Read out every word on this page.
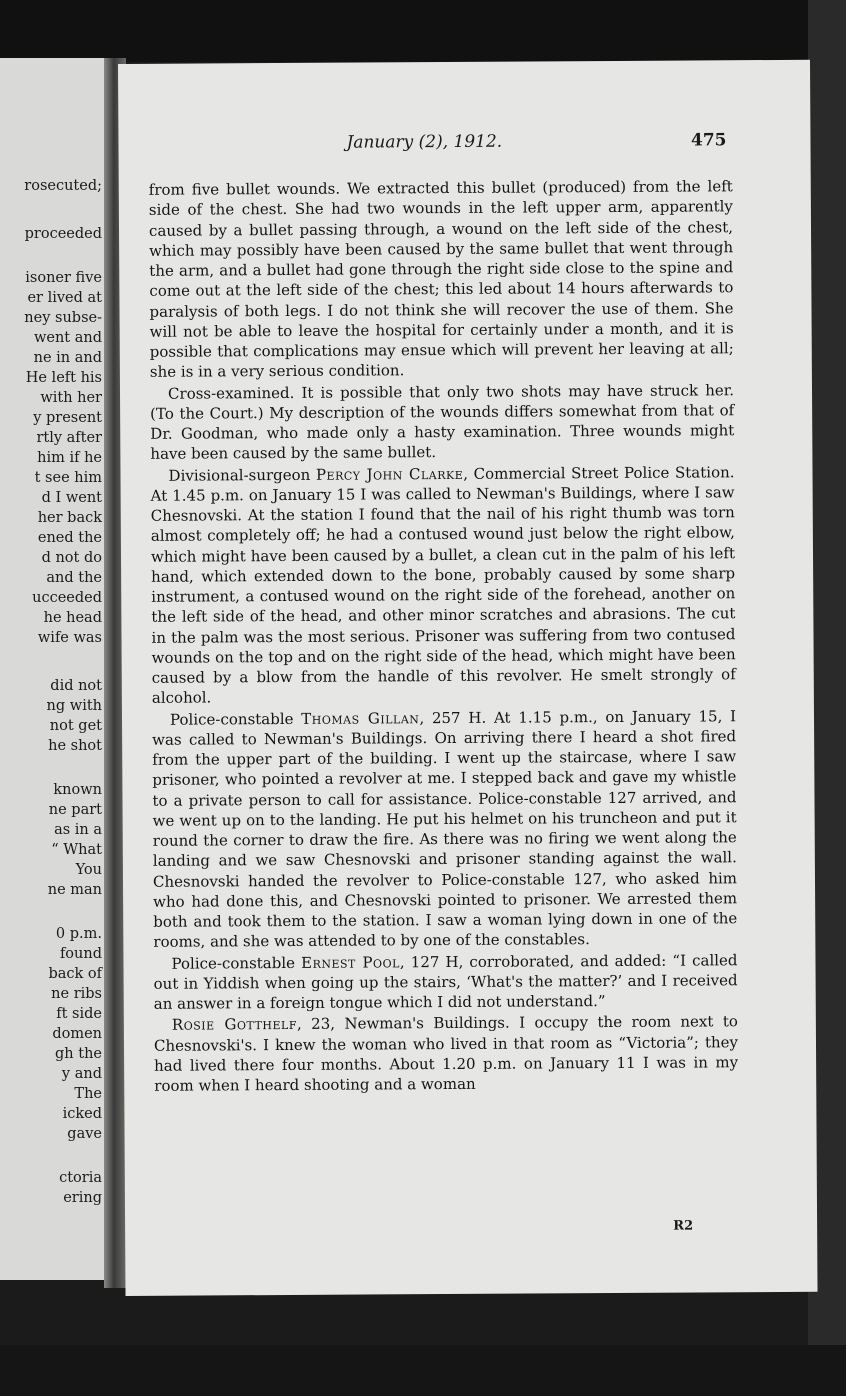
rosecuted;
proceeded
isoner five
er lived at
ney subse-
went and
ne in and
He left his
with her
y present
rtly after
him if he
t see him
d I went
her back
ened the
d not do
and the
ucceeded
he head
wife was
did not
ng with
not get
he shot
known
ne part
as in a
“ What
You
ne man
0 p.m.
found
back of
ne ribs
ft side
domen
gh the
y and
The
icked
gave
ctoria
ering
January (2), 1912.	475

from five bullet wounds. We extracted this bullet (produced) from the left side of the chest. She had two wounds in the left upper arm, apparently caused by a bullet passing through, a wound on the left side of the chest, which may possibly have been caused by the same bullet that went through the arm, and a bullet had gone through the right side close to the spine and come out at the left side of the chest; this led about 14 hours afterwards to paralysis of both legs. I do not think she will recover the use of them. She will not be able to leave the hospital for certainly under a month, and it is possible that complications may ensue which will prevent her leaving at all; she is in a very serious condition.

Cross-examined. It is possible that only two shots may have struck her. (To the Court.) My description of the wounds differs somewhat from that of Dr. Goodman, who made only a hasty examination. Three wounds might have been caused by the same bullet.

Divisional-surgeon Percy John Clarke, Commercial Street Police Station. At 1.45 p.m. on January 15 I was called to Newman's Buildings, where I saw Chesnovski. At the station I found that the nail of his right thumb was torn almost completely off; he had a contused wound just below the right elbow, which might have been caused by a bullet, a clean cut in the palm of his left hand, which extended down to the bone, probably caused by some sharp instrument, a contused wound on the right side of the forehead, another on the left side of the head, and other minor scratches and abrasions. The cut in the palm was the most serious. Prisoner was suffering from two contused wounds on the top and on the right side of the head, which might have been caused by a blow from the handle of this revolver. He smelt strongly of alcohol.

Police-constable Thomas Gillan, 257 H. At 1.15 p.m., on January 15, I was called to Newman's Buildings. On arriving there I heard a shot fired from the upper part of the building. I went up the staircase, where I saw prisoner, who pointed a revolver at me. I stepped back and gave my whistle to a private person to call for assistance. Police-constable 127 arrived, and we went up on to the landing. He put his helmet on his truncheon and put it round the corner to draw the fire. As there was no firing we went along the landing and we saw Chesnovski and prisoner standing against the wall. Chesnovski handed the revolver to Police-constable 127, who asked him who had done this, and Chesnovski pointed to prisoner. We arrested them both and took them to the station. I saw a woman lying down in one of the rooms, and she was attended to by one of the constables.

Police-constable Ernest Pool, 127 H, corroborated, and added: “I called out in Yiddish when going up the stairs, ‘What's the matter?’ and I received an answer in a foreign tongue which I did not understand.”

Rosie Gotthelf, 23, Newman's Buildings. I occupy the room next to Chesnovski's. I knew the woman who lived in that room as “Victoria”; they had lived there four months. About 1.20 p.m. on January 11 I was in my room when I heard shooting and a woman

R2
